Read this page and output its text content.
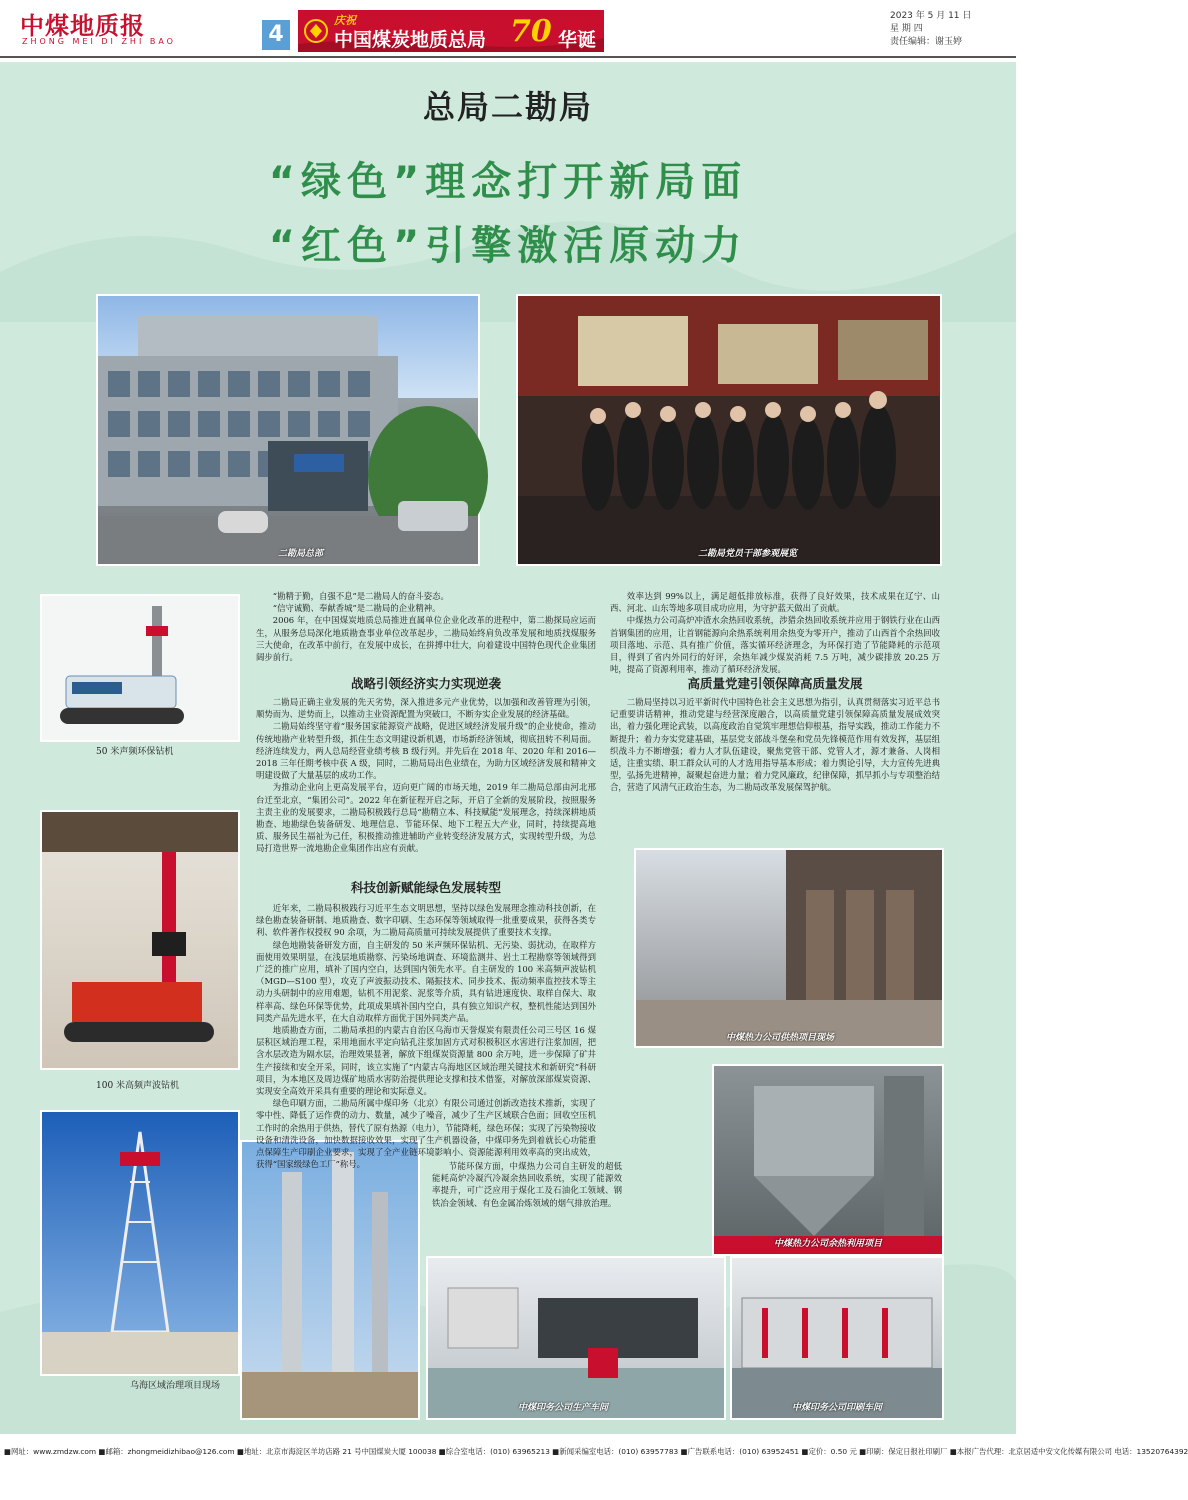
中煤地质报
ZHONG MEI DI ZHI BAO	4
庆祝
中国煤炭地质总局 70 华诞
2023 年 5 月 11 日
星 期 四
责任编辑：谢玉婷
总局二勘局
“绿色”理念打开新局面
“红色”引擎激活原动力
二勘局总部	二勘局党员干部参观展览
50 米声频环保钻机
100 米高频声波钻机
乌海区域治理项目现场

“勘精于勤，自强不息”是二勘局人的奋斗姿态。

“信守诚勤、奉献香城”是二勘局的企业精神。

2006 年，在中国煤炭地质总局推进直属单位企业化改革的进程中，第二勘探局应运而生，从服务总局深化地质勘查事业单位改革起步，二勘局始终肩负改革发展和地质找煤服务三大使命，在改革中前行，在发展中成长，在拼搏中壮大，向着建设中国特色现代企业集团阔步前行。

战略引领经济实力实现逆袭

二勘局正确主业发展的先天劣势，深入推进多元产业优势，以加强和改善管理为引领，顺势而为、逆势而上，以推动主业资源配置为突破口，不断夯实企业发展的经济基础。

二勘局始终坚守着“服务国家能源资产战略，促进区域经济发展升级”的企业使命，推动传统地勘产业转型升级，抓住生态文明建设新机遇，市场新经济领域，彻底扭转不利局面。经济连续发力，两人总局经营业绩考核 B 级行列。并先后在 2018 年、2020 年和 2016—2018 三年任期考核中获 A 级，同时，二勘局局出色业绩在，为助力区域经济发展和精神文明建设做了大量基层的成功工作。

为推动企业向上更高发展平台，迈向更广阔的市场天地，2019 年二勘局总部由河北邢台迁至北京，“集团公司”。2022 年在新征程开启之际，开启了全新的发展阶段，按照服务主责主业的发展要求，二勘局积极践行总局“勘精立本、科技赋能”发展理念，持续深耕地质勘查、地勘绿色装备研发、地理信息、节能环保、地下工程五大产业，同时，持续提高地质、服务民生福祉为己任，积极推动推进辅助产业转变经济发展方式，实现转型升级，为总局打造世界一流地勘企业集团作出应有贡献。

科技创新赋能绿色发展转型

近年来，二勘局积极践行习近平生态文明思想，坚持以绿色发展理念推动科技创新，在绿色勘查装备研制、地质勘查、数字印刷、生态环保等领域取得一批重要成果，获得各类专利、软件著作权授权 90 余项，为二勘局高质量可持续发展提供了重要技术支撑。

绿色地勘装备研发方面，自主研发的 50 米声频环保钻机、无污染、弱扰动，在取样方面使用效果明显，在浅层地质勘察、污染场地调查、环境监测井、岩土工程勘察等领域得到广泛的推广应用，填补了国内空白，达到国内领先水平。自主研发的 100 米高频声波钻机（MGD—S100 型），攻克了声波振动技术、隔振技术、同步技术、振动频率监控技术等主动力头研制中的应用难题，钻机不用泥浆、泥浆等介质，具有钻进速度快、取样自保大、取样率高、绿色环保等优势，此项成果填补国内空白，具有独立知识产权，整机性能达到国外同类产品先进水平，在大自动取样方面优于国外同类产品。

地质勘查方面，二勘局承担的内蒙古自治区乌海市天誉煤炭有限责任公司三号区 16 煤层积区域治理工程，采用地面水平定向钻孔注浆加固方式对积极积区水害进行注浆加固，把含水层改造为隔水层，治理效果显著，解放下组煤炭资源量 800 余万吨，进一步保障了矿井生产接续和安全开采，同时，该立实施了“内蒙古乌海地区区域治理关键技术和新研究”科研项目，为本地区及周边煤矿地质水害防治提供理论支撑和技术借鉴，对解放深部煤炭资源、实现安全高效开采具有重要的理论和实际意义。

绿色印刷方面，二勘局所属中煤印务（北京）有限公司通过创新改造技术推新，实现了零中性、降低了运作费的动力、数量，减少了噪音，减少了生产区域联合色面；回收空压机工作时的余热用于供热，替代了原有热源（电力），节能降耗，绿色环保；实现了污染物接收设备和清洗设备，加快数据接收效果，实现了生产机器设备，中煤印务先到着就长心功能重点保障生产印刷企业要求，实现了全产业链环境影响小、资源能源利用效率高的突出成效，获得“国家级绿色工厂”称号。	节能环保方面，中煤热力公司自主研发的超低能耗高炉冷凝汽冷凝余热回收系统，实现了能源效率提升，可广泛应用于煤化工及石油化工领域、钢铁冶金领域、有色金属冶炼领域的烟气排放治理。

效率达到 99%以上，满足超低排放标准，获得了良好效果，技术成果在辽宁、山西、河北、山东等地多项目成功应用，为守护蓝天做出了贡献。

中煤热力公司高炉冲渣水余热回收系统，涉猎余热回收系统并应用于钢铁行业在山西首钢集团的应用，让首钢能源向余热系统利用余热变为零开户，推动了山西首个余热回收项目落地、示范、具有推广价值，落实循环经济理念，为环保打造了节能降耗的示范项目，得到了省内外同行的好评，余热年减少煤炭消耗 7.5 万吨，减少碳排放 20.25 万吨，提高了资源利用率，推动了循环经济发展。

高质量党建引领保障高质量发展

二勘局坚持以习近平新时代中国特色社会主义思想为指引，认真贯彻落实习近平总书记重要讲话精神，推动党建与经营深度融合，以高质量党建引领保障高质量发展成效突出，着力强化理论武装，以高度政治自觉筑牢理想信仰根基，指导实践，推动工作能力不断提升；着力夯实党建基础，基层党支部战斗堡垒和党员先锋模范作用有效发挥，基层组织战斗力不断增强；着力人才队伍建设，聚焦党管干部、党管人才，源才兼备、人岗相适，注重实绩、职工群众认可的人才选用指导基本形成；着力舆论引导，大力宣传先进典型，弘扬先进精神，凝聚起奋进力量；着力党风廉政，纪律保障，抓早抓小与专项整治结合，营造了风清气正政治生态，为二勘局改革发展保驾护航。

中煤热力公司供热项目现场
中煤热力公司余热利用项目
中煤印务公司生产车间	中煤印务公司印刷车间
■网址：www.zmdzw.com ■邮箱：zhongmeidizhibao@126.com ■地址：北京市海淀区羊坊店路 21 号中国煤炭大厦 100038 ■综合室电话：(010) 63965213 ■新闻采编室电话：(010) 63957783 ■广告联系电话：(010) 63952451 ■定价：0.50 元 ■印刷：保定日报社印刷厂 ■本报广告代理：北京居适中安文化传媒有限公司 电话：13520764392
